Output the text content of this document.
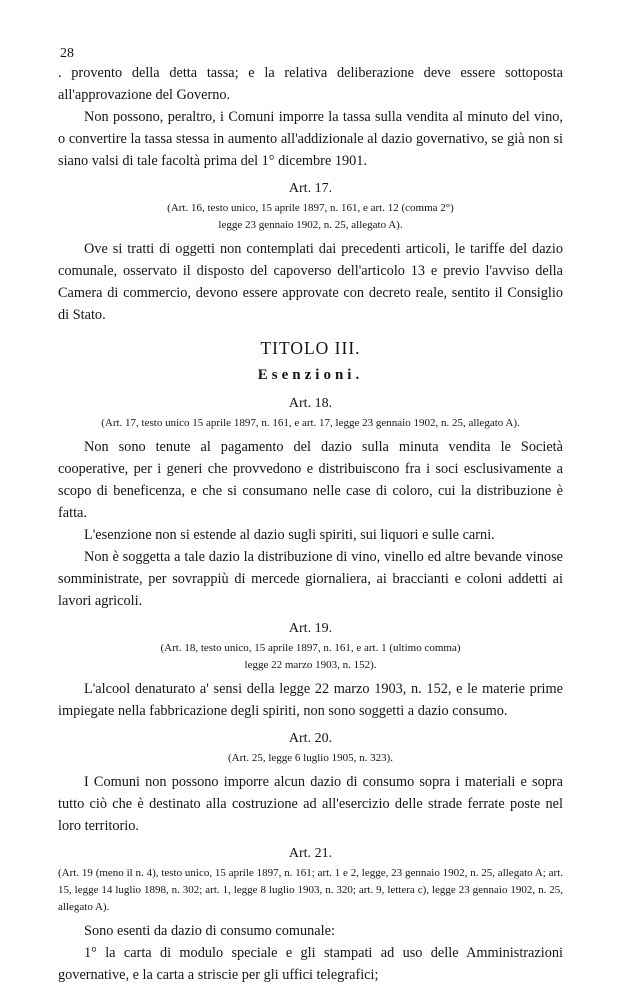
28

. provento della detta tassa; e la relativa deliberazione deve essere sottoposta all'approvazione del Governo.

Non possono, peraltro, i Comuni imporre la tassa sulla vendita al minuto del vino, o convertire la tassa stessa in aumento all'addizionale al dazio governativo, se già non si siano valsi di tale facoltà prima del 1° dicembre 1901.

Art. 17.

(Art. 16, testo unico, 15 aprile 1897, n. 161, e art. 12 (comma 2°)
legge 23 gennaio 1902, n. 25, allegato A).

Ove si tratti di oggetti non contemplati dai precedenti articoli, le tariffe del dazio comunale, osservato il disposto del capoverso dell'articolo 13 e previo l'avviso della Camera di commercio, devono essere approvate con decreto reale, sentito il Consiglio di Stato.

TITOLO III.

Esenzioni.

Art. 18.

(Art. 17, testo unico 15 aprile 1897, n. 161, e art. 17, legge 23 gennaio 1902, n. 25, allegato A).

Non sono tenute al pagamento del dazio sulla minuta vendita le Società cooperative, per i generi che provvedono e distribuiscono fra i soci esclusivamente a scopo di beneficenza, e che si consumano nelle case di coloro, cui la distribuzione è fatta.

L'esenzione non si estende al dazio sugli spiriti, sui liquori e sulle carni.

Non è soggetta a tale dazio la distribuzione di vino, vinello ed altre bevande vinose somministrate, per sovrappiù di mercede giornaliera, ai braccianti e coloni addetti ai lavori agricoli.

Art. 19.

(Art. 18, testo unico, 15 aprile 1897, n. 161, e art. 1 (ultimo comma)
legge 22 marzo 1903, n. 152).

L'alcool denaturato a' sensi della legge 22 marzo 1903, n. 152, e le materie prime impiegate nella fabbricazione degli spiriti, non sono soggetti a dazio consumo.

Art. 20.

(Art. 25, legge 6 luglio 1905, n. 323).

I Comuni non possono imporre alcun dazio di consumo sopra i materiali e sopra tutto ciò che è destinato alla costruzione ad all'esercizio delle strade ferrate poste nel loro territorio.

Art. 21.

(Art. 19 (meno il n. 4), testo unico, 15 aprile 1897, n. 161; art. 1 e 2, legge, 23 gennaio 1902, n. 25, allegato A; art. 15, legge 14 luglio 1898, n. 302; art. 1, legge 8 luglio 1903, n. 320; art. 9, lettera c), legge 23 gennaio 1902, n. 25, allegato A).

Sono esenti da dazio di consumo comunale:

1° la carta di modulo speciale e gli stampati ad uso delle Amministrazioni governative, e la carta a striscie per gli uffici telegrafici;
